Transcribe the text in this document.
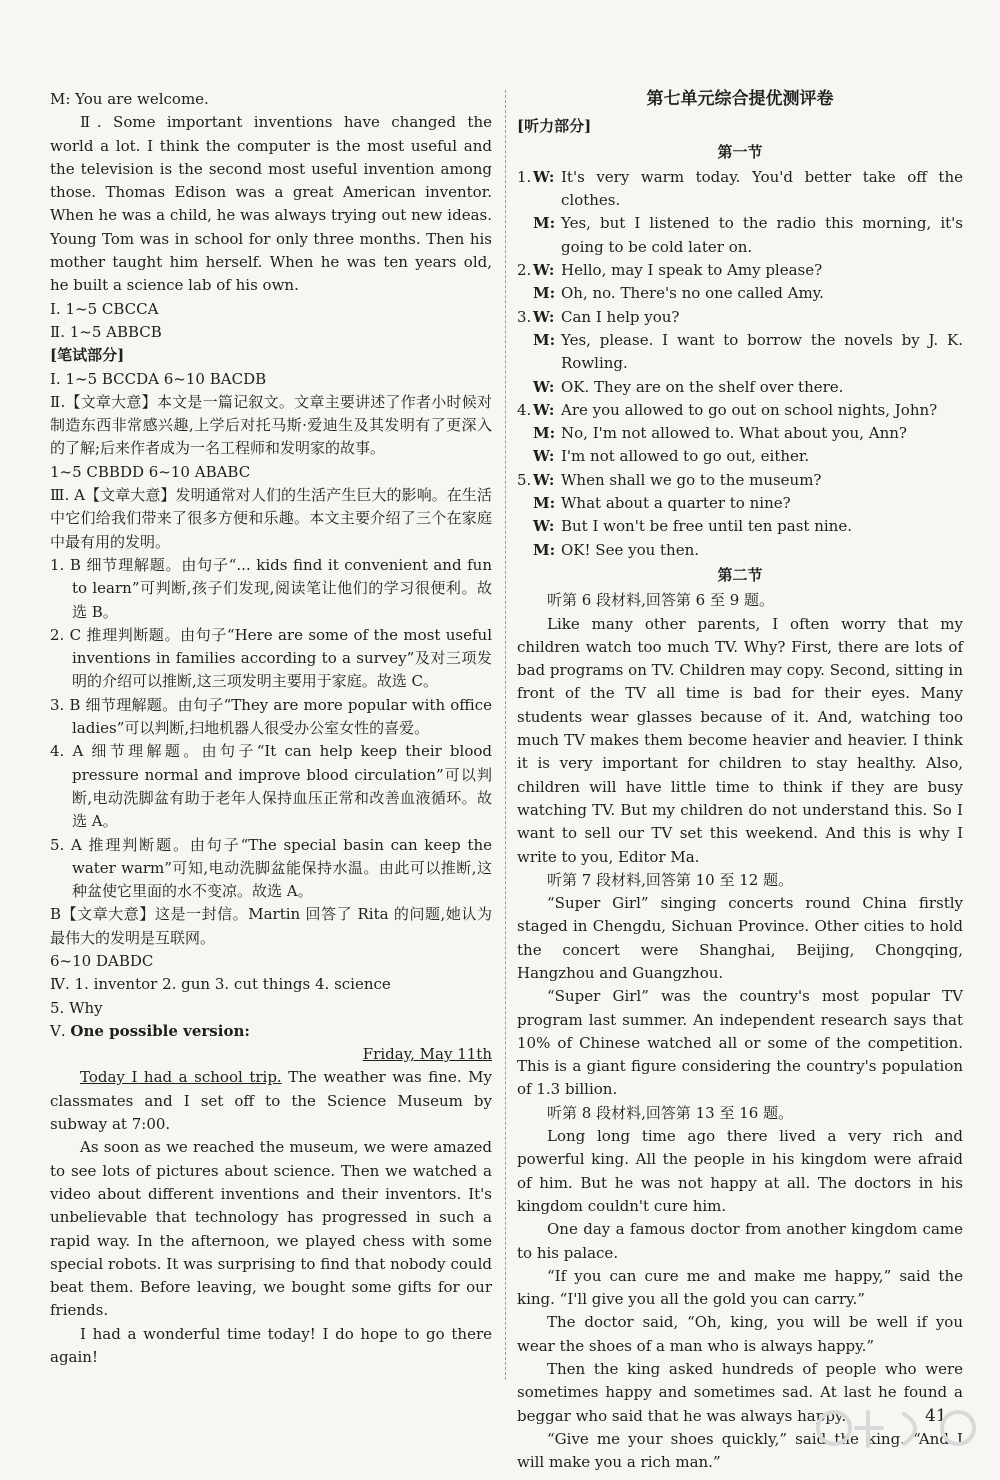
M: You are welcome.

Ⅱ. Some important inventions have changed the world a lot. I think the computer is the most useful and the television is the second most useful invention among those. Thomas Edison was a great American inventor. When he was a child, he was always trying out new ideas. Young Tom was in school for only three months. Then his mother taught him herself. When he was ten years old, he built a science lab of his own.

Ⅰ. 1~5 CBCCA

Ⅱ. 1~5 ABBCB

[笔试部分]

Ⅰ. 1~5 BCCDA 6~10 BACDB

Ⅱ.【文章大意】本文是一篇记叙文。文章主要讲述了作者小时候对制造东西非常感兴趣,上学后对托马斯·爱迪生及其发明有了更深入的了解;后来作者成为一名工程师和发明家的故事。

1~5 CBBDD 6~10 ABABC

Ⅲ. A【文章大意】发明通常对人们的生活产生巨大的影响。在生活中它们给我们带来了很多方便和乐趣。本文主要介绍了三个在家庭中最有用的发明。

1. B 细节理解题。由句子“... kids find it convenient and fun to learn”可判断,孩子们发现,阅读笔让他们的学习很便利。故选 B。

2. C 推理判断题。由句子“Here are some of the most useful inventions in families according to a survey”及对三项发明的介绍可以推断,这三项发明主要用于家庭。故选 C。

3. B 细节理解题。由句子“They are more popular with office ladies”可以判断,扫地机器人很受办公室女性的喜爱。

4. A 细节理解题。由句子“It can help keep their blood pressure normal and improve blood circulation”可以判断,电动洗脚盆有助于老年人保持血压正常和改善血液循环。故选 A。

5. A 推理判断题。由句子“The special basin can keep the water warm”可知,电动洗脚盆能保持水温。由此可以推断,这种盆使它里面的水不变凉。故选 A。

B【文章大意】这是一封信。Martin 回答了 Rita 的问题,她认为最伟大的发明是互联网。

6~10 DABDC

Ⅳ. 1. inventor 2. gun 3. cut things 4. science

5. Why

Ⅴ. One possible version:

Friday, May 11th

Today I had a school trip. The weather was fine. My classmates and I set off to the Science Museum by subway at 7:00.

As soon as we reached the museum, we were amazed to see lots of pictures about science. Then we watched a video about different inventions and their inventors. It's unbelievable that technology has progressed in such a rapid way. In the afternoon, we played chess with some special robots. It was surprising to find that nobody could beat them. Before leaving, we bought some gifts for our friends.

I had a wonderful time today! I do hope to go there again!

第七单元综合提优测评卷

[听力部分]

第一节

1. W: It's very warm today. You'd better take off the clothes.
M: Yes, but I listened to the radio this morning, it's going to be cold later on.
2. W: Hello, may I speak to Amy please?
M: Oh, no. There's no one called Amy.
3. W: Can I help you?
M: Yes, please. I want to borrow the novels by J. K. Rowling.
W: OK. They are on the shelf over there.
4. W: Are you allowed to go out on school nights, John?
M: No, I'm not allowed to. What about you, Ann?
W: I'm not allowed to go out, either.
5. W: When shall we go to the museum?
M: What about a quarter to nine?
W: But I won't be free until ten past nine.
M: OK! See you then.

第二节

听第 6 段材料,回答第 6 至 9 题。

Like many other parents, I often worry that my children watch too much TV. Why? First, there are lots of bad programs on TV. Children may copy. Second, sitting in front of the TV all time is bad for their eyes. Many students wear glasses because of it. And, watching too much TV makes them become heavier and heavier. I think it is very important for children to stay healthy. Also, children will have little time to think if they are busy watching TV. But my children do not understand this. So I want to sell our TV set this weekend. And this is why I write to you, Editor Ma.

听第 7 段材料,回答第 10 至 12 题。

“Super Girl” singing concerts round China firstly staged in Chengdu, Sichuan Province. Other cities to hold the concert were Shanghai, Beijing, Chongqing, Hangzhou and Guangzhou.

“Super Girl” was the country's most popular TV program last summer. An independent research says that 10% of Chinese watched all or some of the competition. This is a giant figure considering the country's population of 1.3 billion.

听第 8 段材料,回答第 13 至 16 题。

Long long time ago there lived a very rich and powerful king. All the people in his kingdom were afraid of him. But he was not happy at all. The doctors in his kingdom couldn't cure him.

One day a famous doctor from another kingdom came to his palace.

“If you can cure me and make me happy,” said the king. “I'll give you all the gold you can carry.”

The doctor said, “Oh, king, you will be well if you wear the shoes of a man who is always happy.”

Then the king asked hundreds of people who were sometimes happy and sometimes sad. At last he found a beggar who said that he was always happy.

“Give me your shoes quickly,” said the king. “And I will make you a rich man.”

41
